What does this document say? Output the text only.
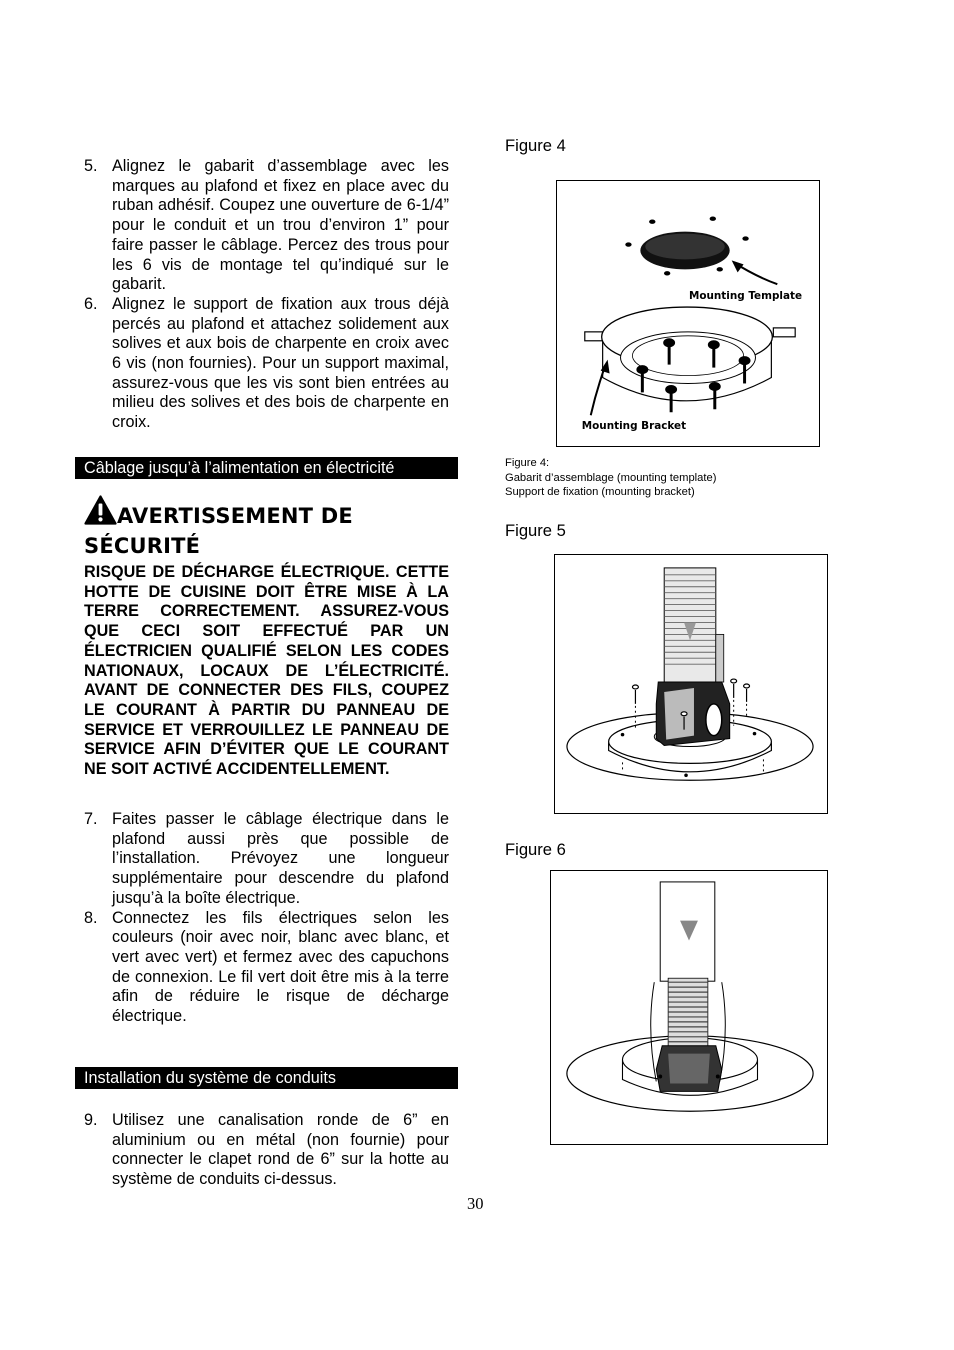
5. Alignez le gabarit d’assemblage avec les marques au plafond et fixez en place avec du ruban adhésif. Coupez une ouverture de 6-1/4” pour le conduit et un trou d’environ 1” pour faire passer le câblage. Percez des trous pour les 6 vis de montage tel qu’indiqué sur le gabarit.
6. Alignez le support de fixation aux trous déjà percés au plafond et attachez solidement aux solives et aux bois de charpente en croix avec 6 vis (non fournies). Pour un support maximal, assurez-vous que les vis sont bien entrées au milieu des solives et des bois de charpente en croix.
Câblage jusqu’à l’alimentation en électricité
AVERTISSEMENT DE
SÉCURITÉ
RISQUE DE DÉCHARGE ÉLECTRIQUE. CETTE HOTTE DE CUISINE DOIT ÊTRE MISE À LA TERRE CORRECTEMENT. ASSUREZ-VOUS QUE CECI SOIT EFFECTUÉ PAR UN ÉLECTRICIEN QUALIFIÉ SELON LES CODES NATIONAUX, LOCAUX DE L’ÉLECTRICITÉ. AVANT DE CONNECTER DES FILS, COUPEZ LE COURANT À PARTIR DU PANNEAU DE SERVICE ET VERROUILLEZ LE PANNEAU DE SERVICE AFIN D’ÉVITER QUE LE COURANT NE SOIT ACTIVÉ ACCIDENTELLEMENT.
7. Faites passer le câblage électrique dans le plafond aussi près que possible de l’installation. Prévoyez une longueur supplémentaire pour descendre du plafond jusqu’à la boîte électrique.
8. Connectez les fils électriques selon les couleurs (noir avec noir, blanc avec blanc, et vert avec vert) et fermez avec des capuchons de connexion. Le fil vert doit être mis à la terre afin de réduire le risque de décharge électrique.
Installation du système de conduits
9. Utilisez une canalisation ronde de 6” en aluminium ou en métal (non fournie) pour connecter le clapet rond de 6” sur la hotte au système de conduits ci-dessus.
Figure 4
Mounting Template
Mounting Bracket
Figure 4:
Gabarit d’assemblage (mounting template)
Support de fixation (mounting bracket)
Figure 5
Figure 6
30
